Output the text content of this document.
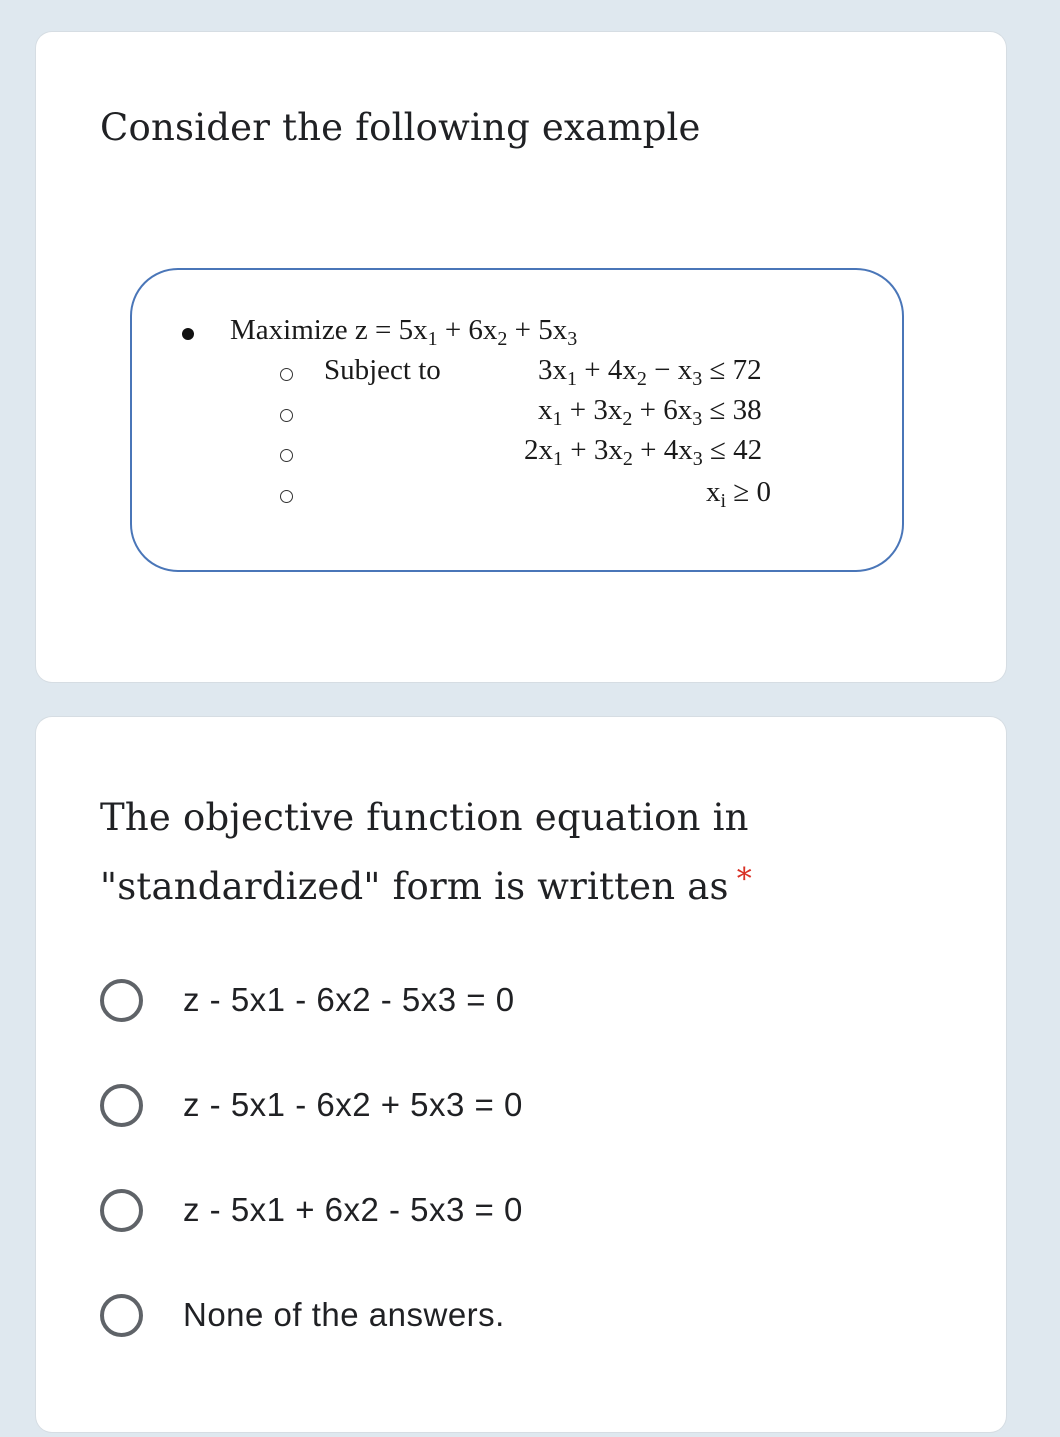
Consider the following example
Maximize $z = 5x_1 + 6x_2 + 5x_3$
Subject to	$3x_1 + 4x_2 - x_3 \le 72$
$x_1 + 3x_2 + 6x_3 \le 38$
$2x_1 + 3x_2 + 4x_3 \le 42$
$x_i \ge 0$
The objective function equation in "standardized" form is written as *
z - 5x1 - 6x2 - 5x3 = 0
z - 5x1 - 6x2 + 5x3 = 0
z - 5x1 + 6x2 - 5x3 = 0
None of the answers.
